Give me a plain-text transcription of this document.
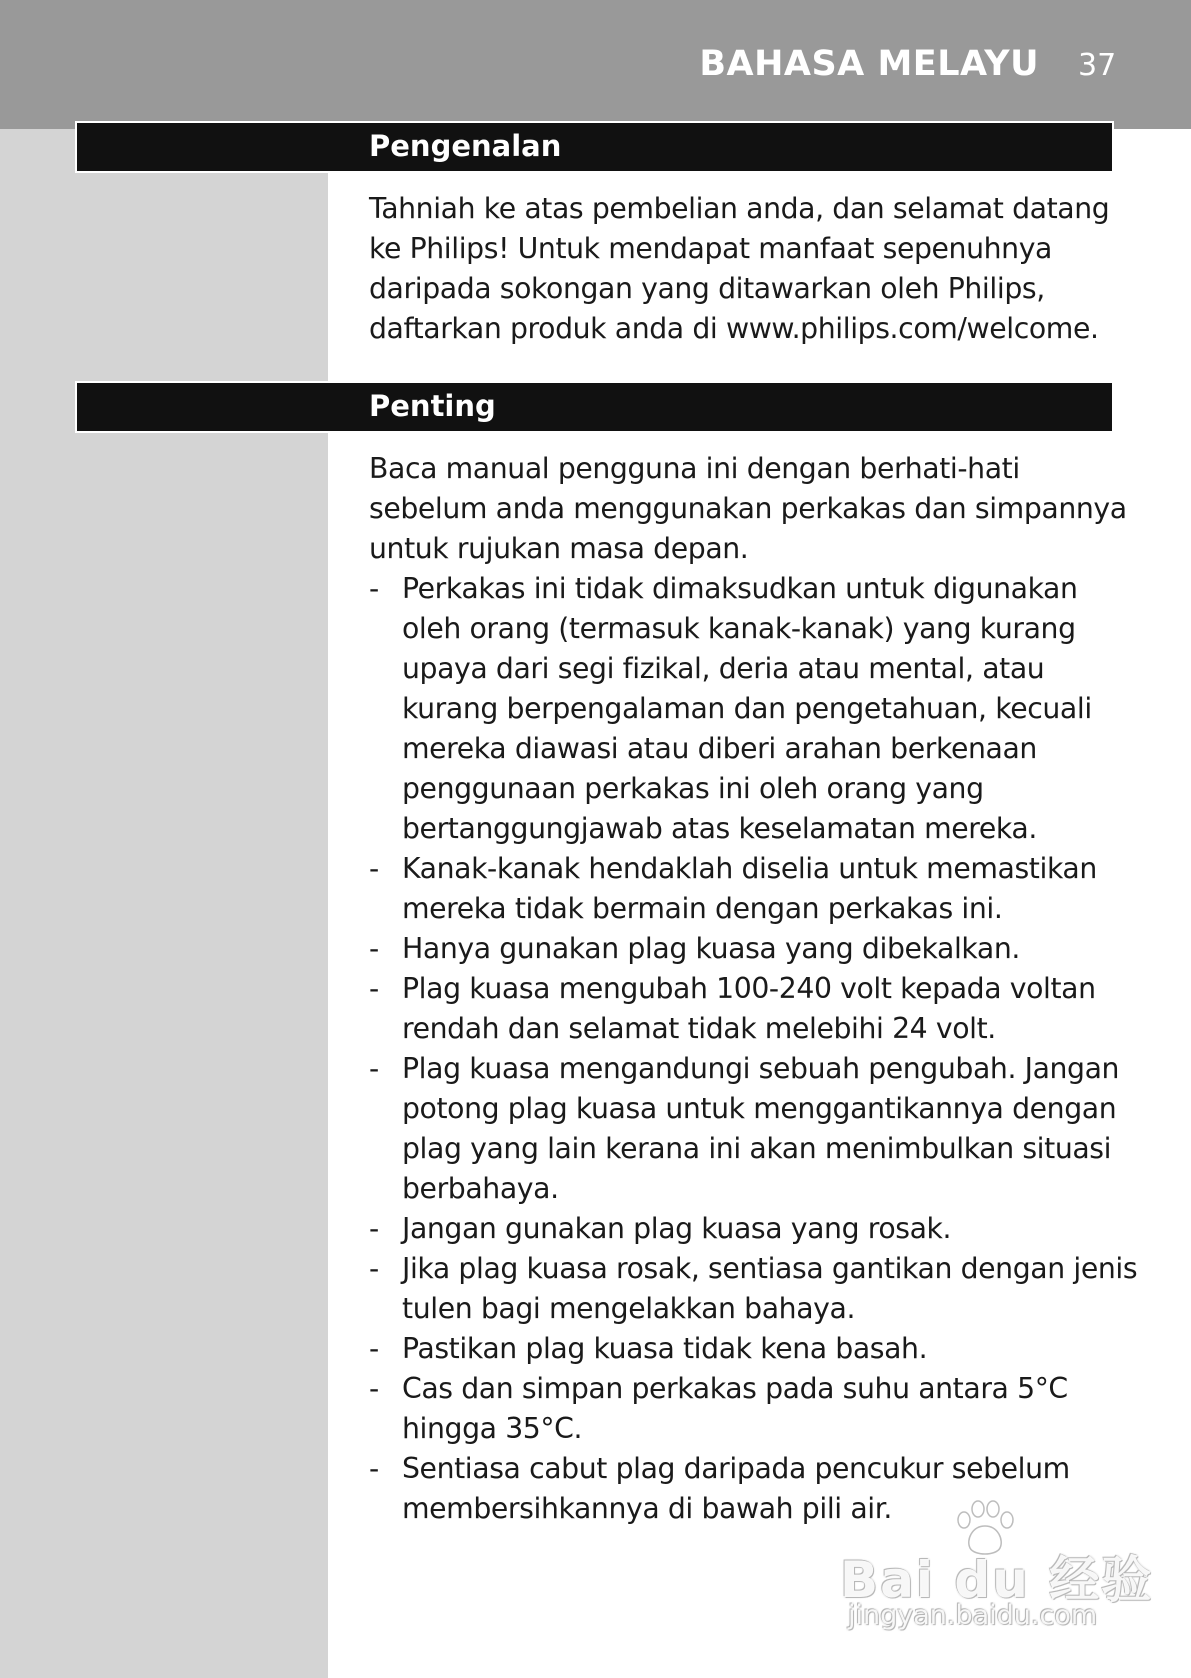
BAHASA MELAYU 37
Pengenalan
Tahniah ke atas pembelian anda, dan selamat datang
ke Philips! Untuk mendapat manfaat sepenuhnya
daripada sokongan yang ditawarkan oleh Philips,
daftarkan produk anda di www.philips.com/welcome.
Penting
Baca manual pengguna ini dengan berhati-hati
sebelum anda menggunakan perkakas dan simpannya
untuk rujukan masa depan.
- Perkakas ini tidak dimaksudkan untuk digunakan
oleh orang (termasuk kanak-kanak) yang kurang
upaya dari segi fizikal, deria atau mental, atau
kurang berpengalaman dan pengetahuan, kecuali
mereka diawasi atau diberi arahan berkenaan
penggunaan perkakas ini oleh orang yang
bertanggungjawab atas keselamatan mereka.
- Kanak-kanak hendaklah diselia untuk memastikan
mereka tidak bermain dengan perkakas ini.
- Hanya gunakan plag kuasa yang dibekalkan.
- Plag kuasa mengubah 100-240 volt kepada voltan
rendah dan selamat tidak melebihi 24 volt.
- Plag kuasa mengandungi sebuah pengubah. Jangan
potong plag kuasa untuk menggantikannya dengan
plag yang lain kerana ini akan menimbulkan situasi
berbahaya.
- Jangan gunakan plag kuasa yang rosak.
- Jika plag kuasa rosak, sentiasa gantikan dengan jenis
tulen bagi mengelakkan bahaya.
- Pastikan plag kuasa tidak kena basah.
- Cas dan simpan perkakas pada suhu antara 5°C
hingga 35°C.
- Sentiasa cabut plag daripada pencukur sebelum
membersihkannya di bawah pili air.
Bai du 经验
jingyan.baidu.com
